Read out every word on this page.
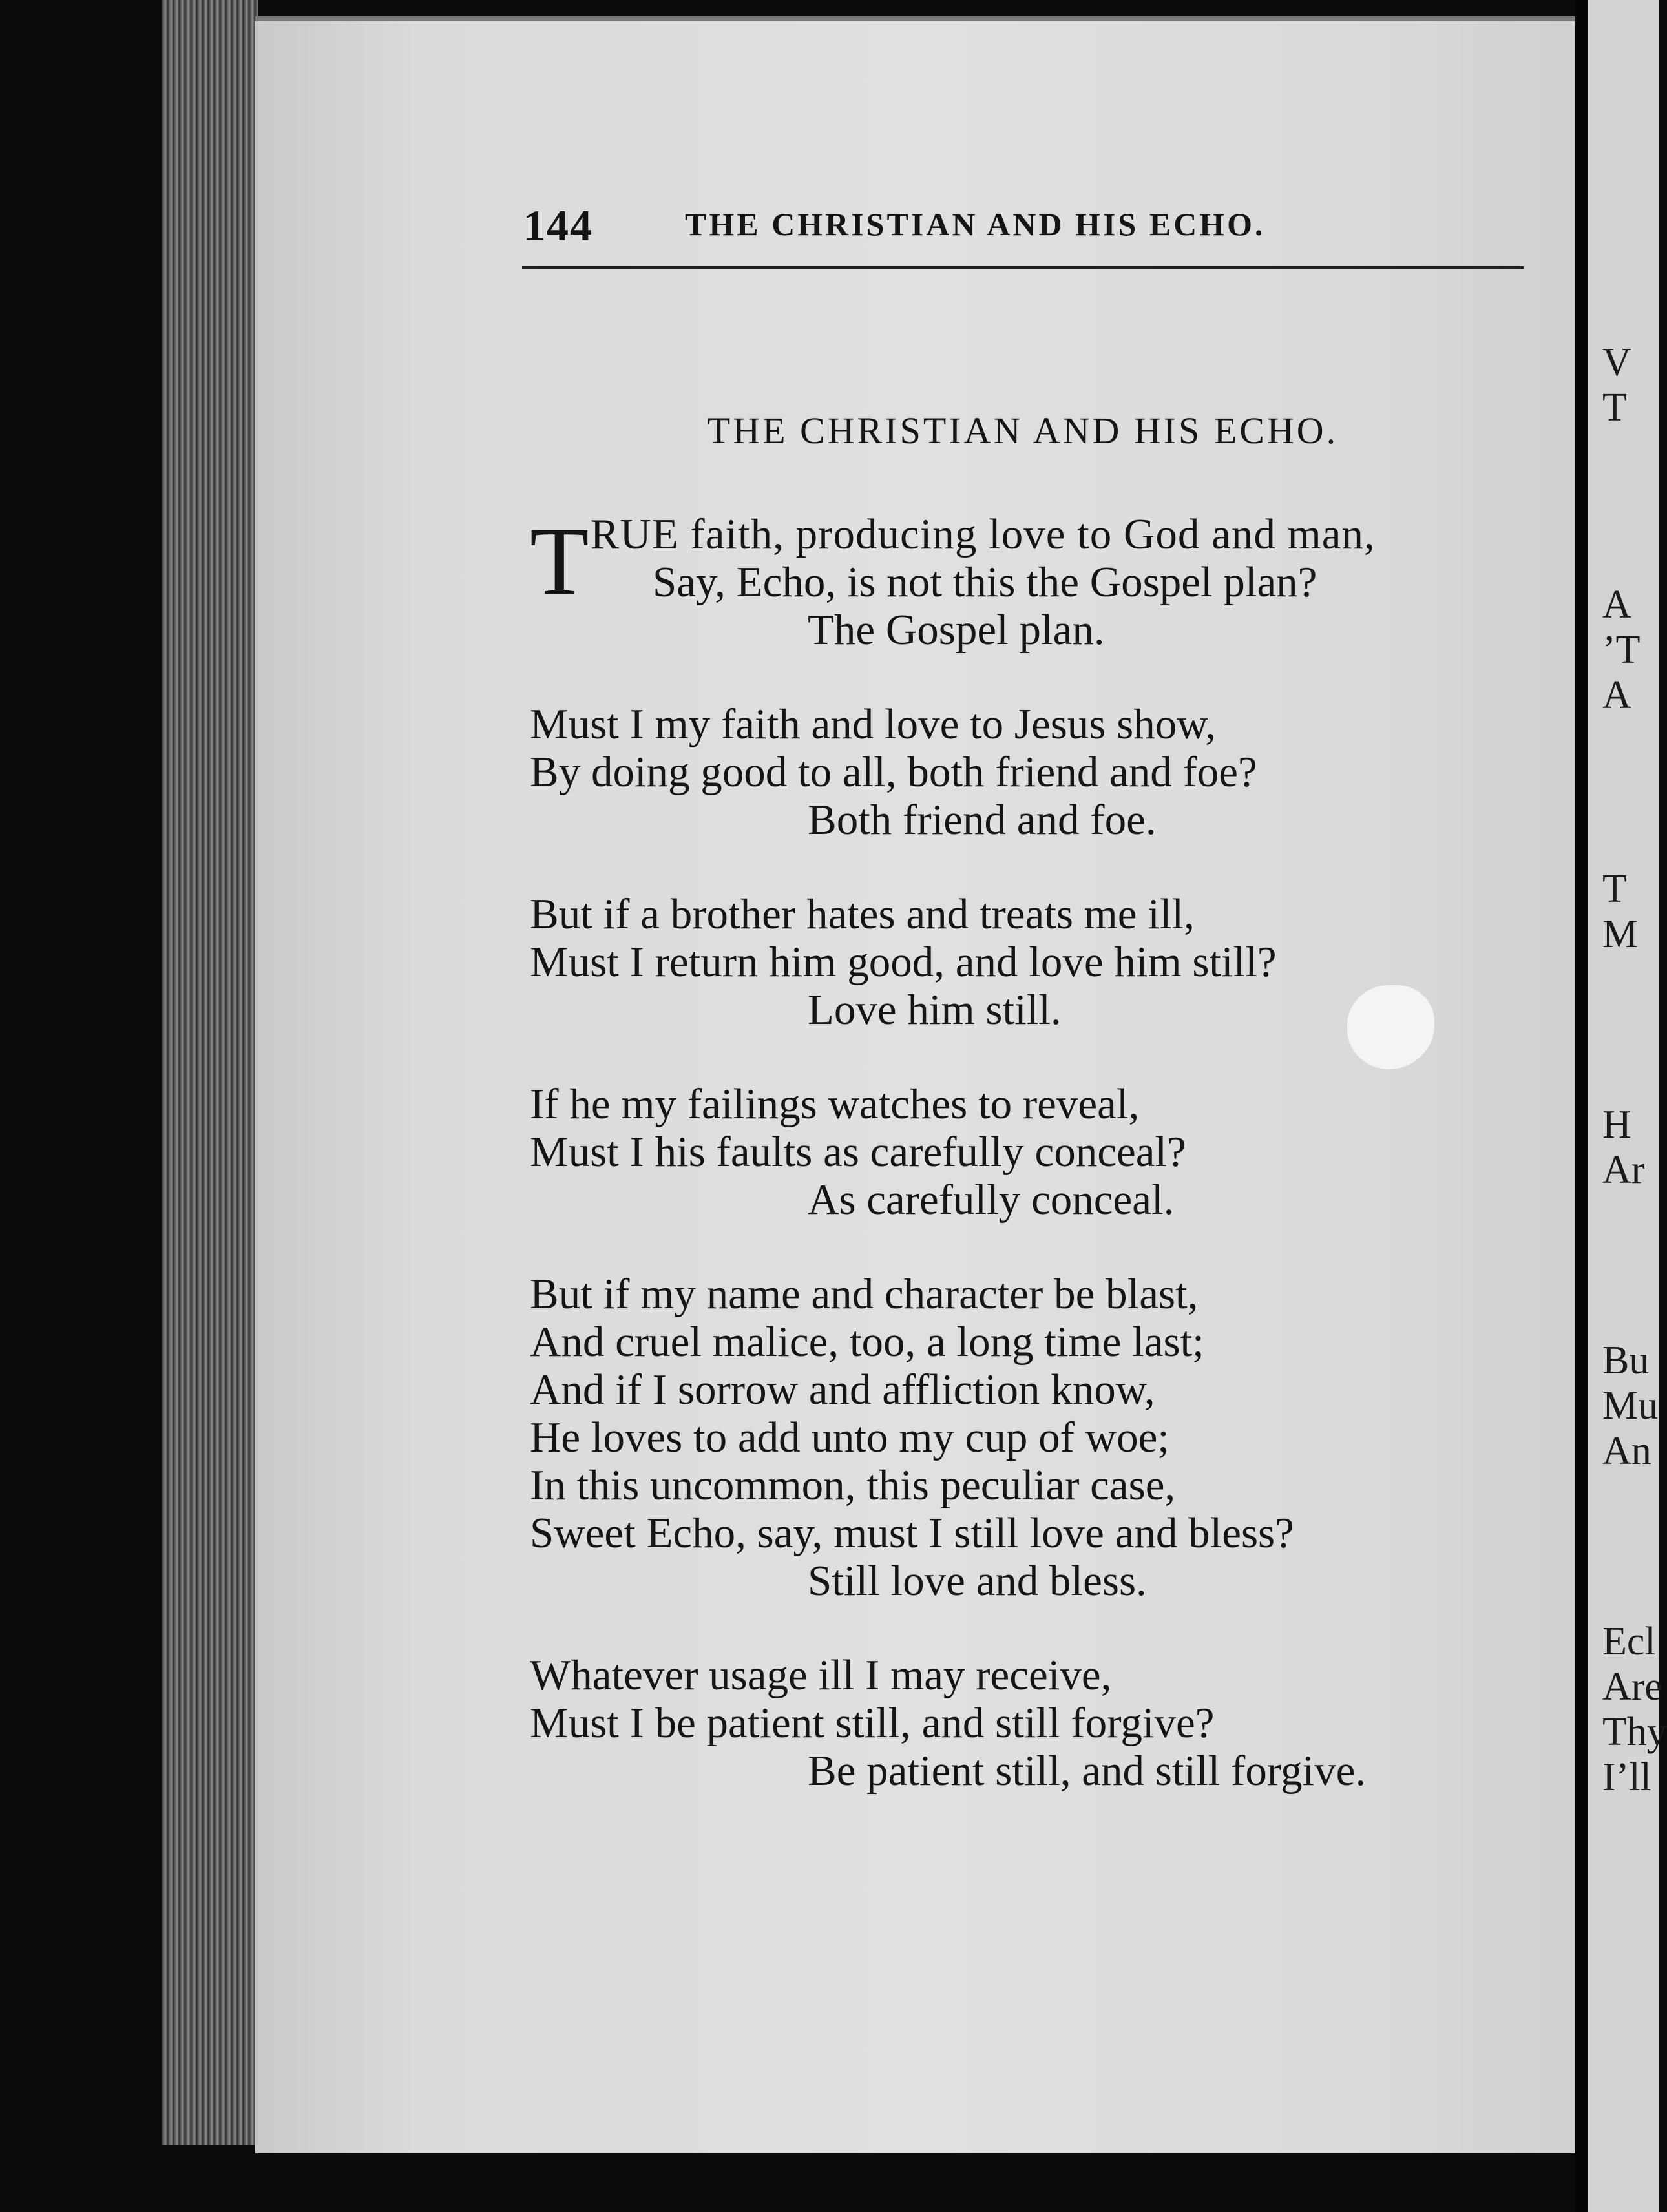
144	THE CHRISTIAN AND HIS ECHO.
THE CHRISTIAN AND HIS ECHO.
T RUE faith, producing love to God and man,
Say, Echo, is not this the Gospel plan?
The Gospel plan.
Must I my faith and love to Jesus show,
By doing good to all, both friend and foe?
Both friend and foe.
But if a brother hates and treats me ill,
Must I return him good, and love him still?
Love him still.
If he my failings watches to reveal,
Must I his faults as carefully conceal?
As carefully conceal.
But if my name and character be blast,
And cruel malice, too, a long time last;
And if I sorrow and affliction know,
He loves to add unto my cup of woe;
In this uncommon, this peculiar case,
Sweet Echo, say, must I still love and bless?
Still love and bless.
Whatever usage ill I may receive,
Must I be patient still, and still forgive?
Be patient still, and still forgive.
V
T
A
’T
A
T
M
H
Ar
Bu
Mu
An
Ecl
Are
Thy
I’ll
